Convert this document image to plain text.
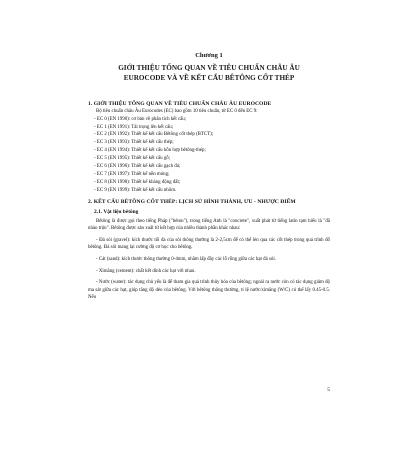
Chương 1
GIỚI THIỆU TỔNG QUAN VỀ TIÊU CHUẨN CHÂU ÂU
EUROCODE VÀ VỀ KẾT CẤU BÊTÔNG CỐT THÉP
1. GIỚI THIỆU TỔNG QUAN VỀ TIÊU CHUẨN CHÂU ÂU EUROCODE

Bộ tiêu chuẩn châu Âu Eurocodes (EC) bao gồm 10 tiêu chuẩn, từ EC 0 đến EC 9:

- EC 0 (EN 1990): cơ bản về phân tích kết cấu;
- EC 1 (EN 1991): Tải trọng lên kết cấu;
- EC 2 (EN 1992): Thiết kế kết cấu Bêtông cốt thép (BTCT);
- EC 3 (EN 1993): Thiết kế kết cấu thép;
- EC 4 (EN 1994): Thiết kế kết cấu hỗn hợp bêtông-thép;
- EC 5 (EN 1995): Thiết kế kết cấu gỗ;
- EC 6 (EN 1996): Thiết kế kết cấu gạch đá;
- EC 7 (EN 1997): Thiết kế nền móng;
- EC 8 (EN 1998): Thiết kế kháng động đất;
- EC 9 (EN 1999): Thiết kế kết cấu nhôm.
2. KẾT CẤU BÊTÔNG CỐT THÉP: LỊCH SỬ HÌNH THÀNH, ƯU - NHƯỢC ĐIỂM
2.1. Vật liệu bêtông

Bêtông là được gọi theo tiếng Pháp ("béton"), trong tiếng Anh là "concrete", xuất phát từ tiếng latin tạm hiểu là "đã nhào trộn". Bêtông được sản xuất từ kết hợp của nhiều thành phần khác nhau:

- Đá sỏi (gravel): kích thước tối đa của sỏi thông thường là 2-2,5cm để có thể lèn qua các cốt thép trong quá trình đổ bêtông. Đá sỏi mang lại cường độ cơ học cho bêtông.

- Cát (sand): kích thước thông thường 0-4mm, nhằm lấp đầy các lỗ rỗng giữa các hạt đá sỏi.

- Ximăng (cement): chất kết dính các hạt với nhau.

- Nước (water): tác dụng chủ yếu là để tham gia quá trình thủy hóa của bêtông; ngoài ra nước còn có tác dụng giảm độ ma sát giữa các hạt, giúp tăng độ dẻo của bêtông. Với bêtông thông thường, tỉ lệ nước/ximăng (W/C) có thể lấy 0.45-0.5. Nếu

5
